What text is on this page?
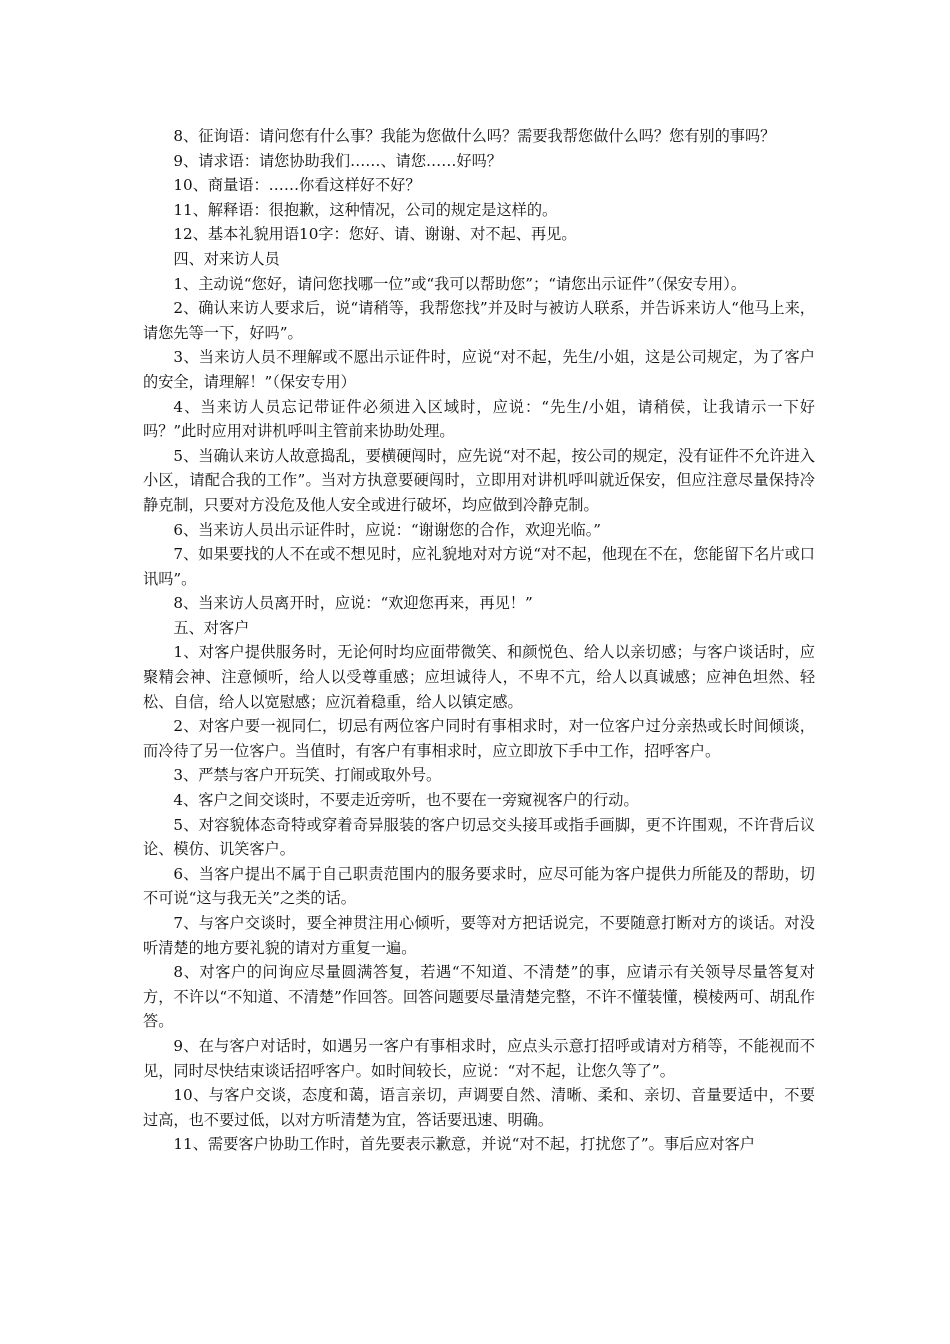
8、征询语：请问您有什么事？我能为您做什么吗？需要我帮您做什么吗？您有别的事吗？

9、请求语：请您协助我们……、请您……好吗？

10、商量语：……你看这样好不好？

11、解释语：很抱歉，这种情况，公司的规定是这样的。

12、基本礼貌用语10字：您好、请、谢谢、对不起、再见。

四、对来访人员

1、主动说“您好，请问您找哪一位”或“我可以帮助您”；“请您出示证件”（保安专用）。

2、确认来访人要求后，说“请稍等，我帮您找”并及时与被访人联系，并告诉来访人“他马上来，请您先等一下，好吗”。

3、当来访人员不理解或不愿出示证件时，应说“对不起，先生/小姐，这是公司规定，为了客户的安全，请理解！”（保安专用）

4、当来访人员忘记带证件必须进入区域时，应说：“先生/小姐，请稍侯，让我请示一下好吗？”此时应用对讲机呼叫主管前来协助处理。

5、当确认来访人故意捣乱，要横硬闯时，应先说“对不起，按公司的规定，没有证件不允许进入小区，请配合我的工作”。当对方执意要硬闯时，立即用对讲机呼叫就近保安，但应注意尽量保持冷静克制，只要对方没危及他人安全或进行破坏，均应做到冷静克制。

6、当来访人员出示证件时，应说：“谢谢您的合作，欢迎光临。”

7、如果要找的人不在或不想见时，应礼貌地对对方说“对不起，他现在不在，您能留下名片或口讯吗”。

8、当来访人员离开时，应说：“欢迎您再来，再见！”

五、对客户

1、对客户提供服务时，无论何时均应面带微笑、和颜悦色、给人以亲切感；与客户谈话时，应聚精会神、注意倾听，给人以受尊重感；应坦诚待人，不卑不亢，给人以真诚感；应神色坦然、轻松、自信，给人以宽慰感；应沉着稳重，给人以镇定感。

2、对客户要一视同仁，切忌有两位客户同时有事相求时，对一位客户过分亲热或长时间倾谈，而冷待了另一位客户。当值时，有客户有事相求时，应立即放下手中工作，招呼客户。

3、严禁与客户开玩笑、打闹或取外号。

4、客户之间交谈时，不要走近旁听，也不要在一旁窥视客户的行动。

5、对容貌体态奇特或穿着奇异服装的客户切忌交头接耳或指手画脚，更不许围观，不许背后议论、模仿、讥笑客户。

6、当客户提出不属于自己职责范围内的服务要求时，应尽可能为客户提供力所能及的帮助，切不可说“这与我无关”之类的话。

7、与客户交谈时，要全神贯注用心倾听，要等对方把话说完，不要随意打断对方的谈话。对没听清楚的地方要礼貌的请对方重复一遍。

8、对客户的问询应尽量圆满答复，若遇“不知道、不清楚”的事，应请示有关领导尽量答复对方，不许以“不知道、不清楚”作回答。回答问题要尽量清楚完整，不许不懂装懂，模棱两可、胡乱作答。

9、在与客户对话时，如遇另一客户有事相求时，应点头示意打招呼或请对方稍等，不能视而不见，同时尽快结束谈话招呼客户。如时间较长，应说：“对不起，让您久等了”。

10、与客户交谈，态度和蔼，语言亲切，声调要自然、清晰、柔和、亲切、音量要适中，不要过高，也不要过低，以对方听清楚为宜，答话要迅速、明确。

11、需要客户协助工作时，首先要表示歉意，并说“对不起，打扰您了”。事后应对客户
